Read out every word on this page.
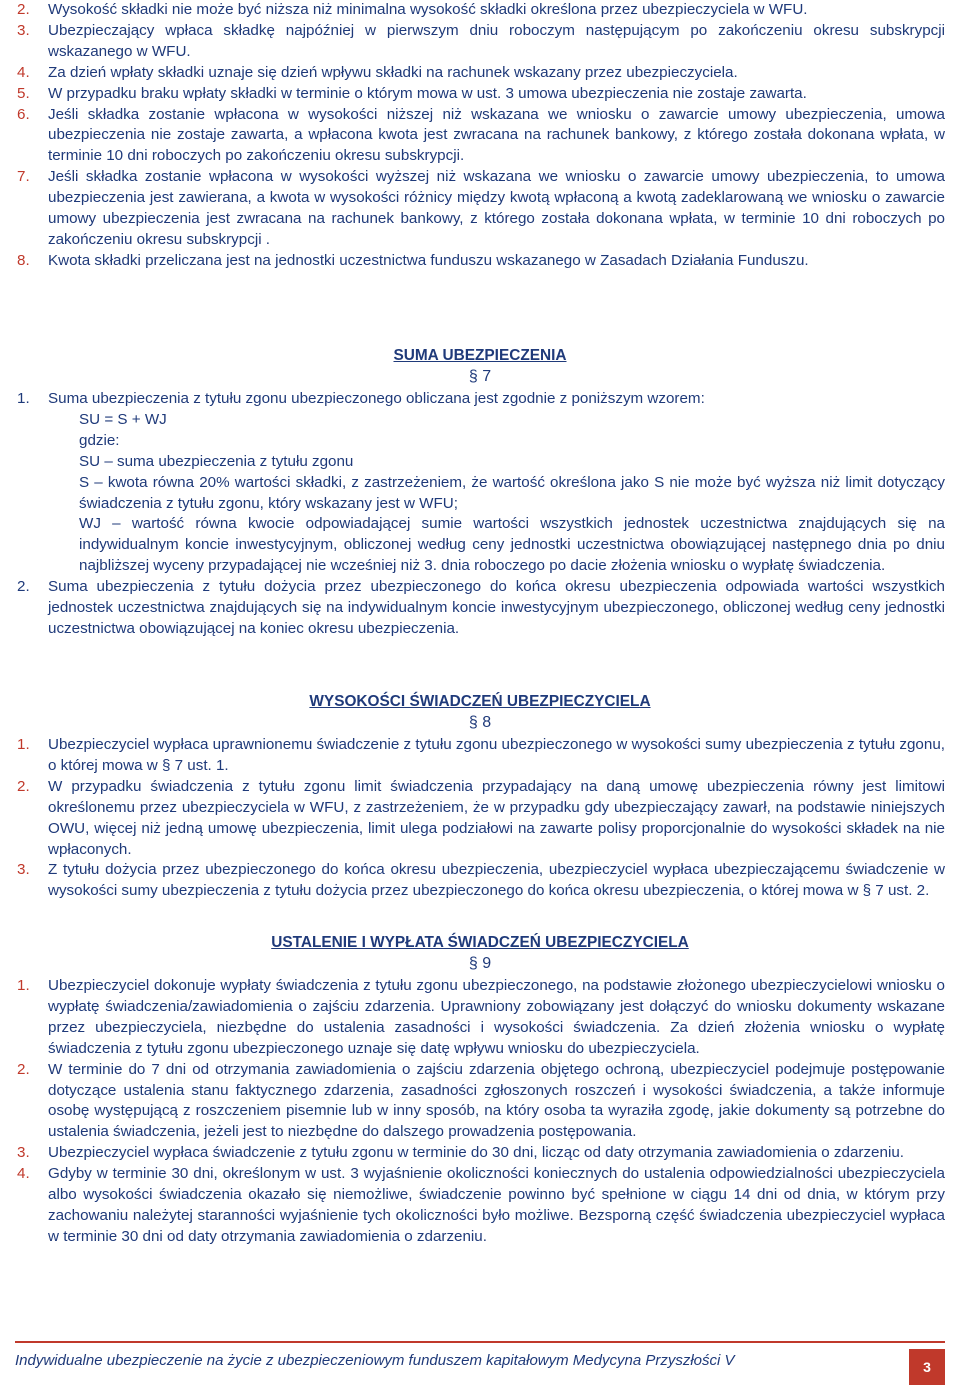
2. Wysokość składki nie może być niższa niż minimalna wysokość składki określona przez ubezpieczyciela w WFU.
3. Ubezpieczający wpłaca składkę najpóźniej w pierwszym dniu roboczym następującym po zakończeniu okresu subskrypcji wskazanego w WFU.
4. Za dzień wpłaty składki uznaje się dzień wpływu składki na rachunek wskazany przez ubezpieczyciela.
5. W przypadku braku wpłaty składki w terminie o którym mowa w ust. 3 umowa ubezpieczenia nie zostaje zawarta.
6. Jeśli składka zostanie wpłacona w wysokości niższej niż wskazana we wniosku o zawarcie umowy ubezpieczenia, umowa ubezpieczenia nie zostaje zawarta, a wpłacona kwota jest zwracana na rachunek bankowy, z którego została dokonana wpłata, w terminie 10 dni roboczych po zakończeniu okresu subskrypcji.
7. Jeśli składka zostanie wpłacona w wysokości wyższej niż wskazana we wniosku o zawarcie umowy ubezpieczenia, to umowa ubezpieczenia jest zawierana, a kwota w wysokości różnicy między kwotą wpłaconą a kwotą zadeklarowaną we wniosku o zawarcie umowy ubezpieczenia jest zwracana na rachunek bankowy, z którego została dokonana wpłata, w terminie 10 dni roboczych po zakończeniu okresu subskrypcji .
8. Kwota składki przeliczana jest na jednostki uczestnictwa funduszu wskazanego w Zasadach Działania Funduszu.
SUMA UBEZPIECZENIA
§ 7
1. Suma ubezpieczenia z tytułu zgonu ubezpieczonego obliczana jest zgodnie z poniższym wzorem:
SU = S + WJ
gdzie:
SU – suma ubezpieczenia z tytułu zgonu
S – kwota równa 20% wartości składki, z zastrzeżeniem, że wartość określona jako S nie może być wyższa niż limit dotyczący świadczenia z tytułu zgonu, który wskazany jest w WFU;
WJ – wartość równa kwocie odpowiadającej sumie wartości wszystkich jednostek uczestnictwa znajdujących się na indywidualnym koncie inwestycyjnym, obliczonej według ceny jednostki uczestnictwa obowiązującej następnego dnia po dniu najbliższej wyceny przypadającej nie wcześniej niż 3. dnia roboczego po dacie złożenia wniosku o wypłatę świadczenia.
2. Suma ubezpieczenia z tytułu dożycia przez ubezpieczonego do końca okresu ubezpieczenia odpowiada wartości wszystkich jednostek uczestnictwa znajdujących się na indywidualnym koncie inwestycyjnym ubezpieczonego, obliczonej według ceny jednostki uczestnictwa obowiązującej na koniec okresu ubezpieczenia.
WYSOKOŚCI ŚWIADCZEŃ UBEZPIECZYCIELA
§ 8
1. Ubezpieczyciel wypłaca uprawnionemu świadczenie z tytułu zgonu ubezpieczonego w wysokości sumy ubezpieczenia z tytułu zgonu, o której mowa w § 7 ust. 1.
2. W przypadku świadczenia z tytułu zgonu limit świadczenia przypadający na daną umowę ubezpieczenia równy jest limitowi określonemu przez ubezpieczyciela w WFU, z zastrzeżeniem, że w przypadku gdy ubezpieczający zawarł, na podstawie niniejszych OWU, więcej niż jedną umowę ubezpieczenia, limit ulega podziałowi na zawarte polisy proporcjonalnie do wysokości składek na nie wpłaconych.
3. Z tytułu dożycia przez ubezpieczonego do końca okresu ubezpieczenia, ubezpieczyciel wypłaca ubezpieczającemu świadczenie w wysokości sumy ubezpieczenia z tytułu dożycia przez ubezpieczonego do końca okresu ubezpieczenia, o której mowa w § 7 ust. 2.
USTALENIE I WYPŁATA ŚWIADCZEŃ UBEZPIECZYCIELA
§ 9
1. Ubezpieczyciel dokonuje wypłaty świadczenia z tytułu zgonu ubezpieczonego, na podstawie złożonego ubezpieczycielowi wniosku o wypłatę świadczenia/zawiadomienia o zajściu zdarzenia. Uprawniony zobowiązany jest dołączyć do wniosku dokumenty wskazane przez ubezpieczyciela, niezbędne do ustalenia zasadności i wysokości świadczenia. Za dzień złożenia wniosku o wypłatę świadczenia z tytułu zgonu ubezpieczonego uznaje się datę wpływu wniosku do ubezpieczyciela.
2. W terminie do 7 dni od otrzymania zawiadomienia o zajściu zdarzenia objętego ochroną, ubezpieczyciel podejmuje postępowanie dotyczące ustalenia stanu faktycznego zdarzenia, zasadności zgłoszonych roszczeń i wysokości świadczenia, a także informuje osobę występującą z roszczeniem pisemnie lub w inny sposób, na który osoba ta wyraziła zgodę, jakie dokumenty są potrzebne do ustalenia świadczenia, jeżeli jest to niezbędne do dalszego prowadzenia postępowania.
3. Ubezpieczyciel wypłaca świadczenie z tytułu zgonu w terminie do 30 dni, licząc od daty otrzymania zawiadomienia o zdarzeniu.
4. Gdyby w terminie 30 dni, określonym w ust. 3 wyjaśnienie okoliczności koniecznych do ustalenia odpowiedzialności ubezpieczyciela albo wysokości świadczenia okazało się niemożliwe, świadczenie powinno być spełnione w ciągu 14 dni od dnia, w którym przy zachowaniu należytej staranności wyjaśnienie tych okoliczności było możliwe. Bezsporną część świadczenia ubezpieczyciel wypłaca w terminie 30 dni od daty otrzymania zawiadomienia o zdarzeniu.
Indywidualne ubezpieczenie na życie z ubezpieczeniowym funduszem kapitałowym Medycyna Przyszłości V	3
